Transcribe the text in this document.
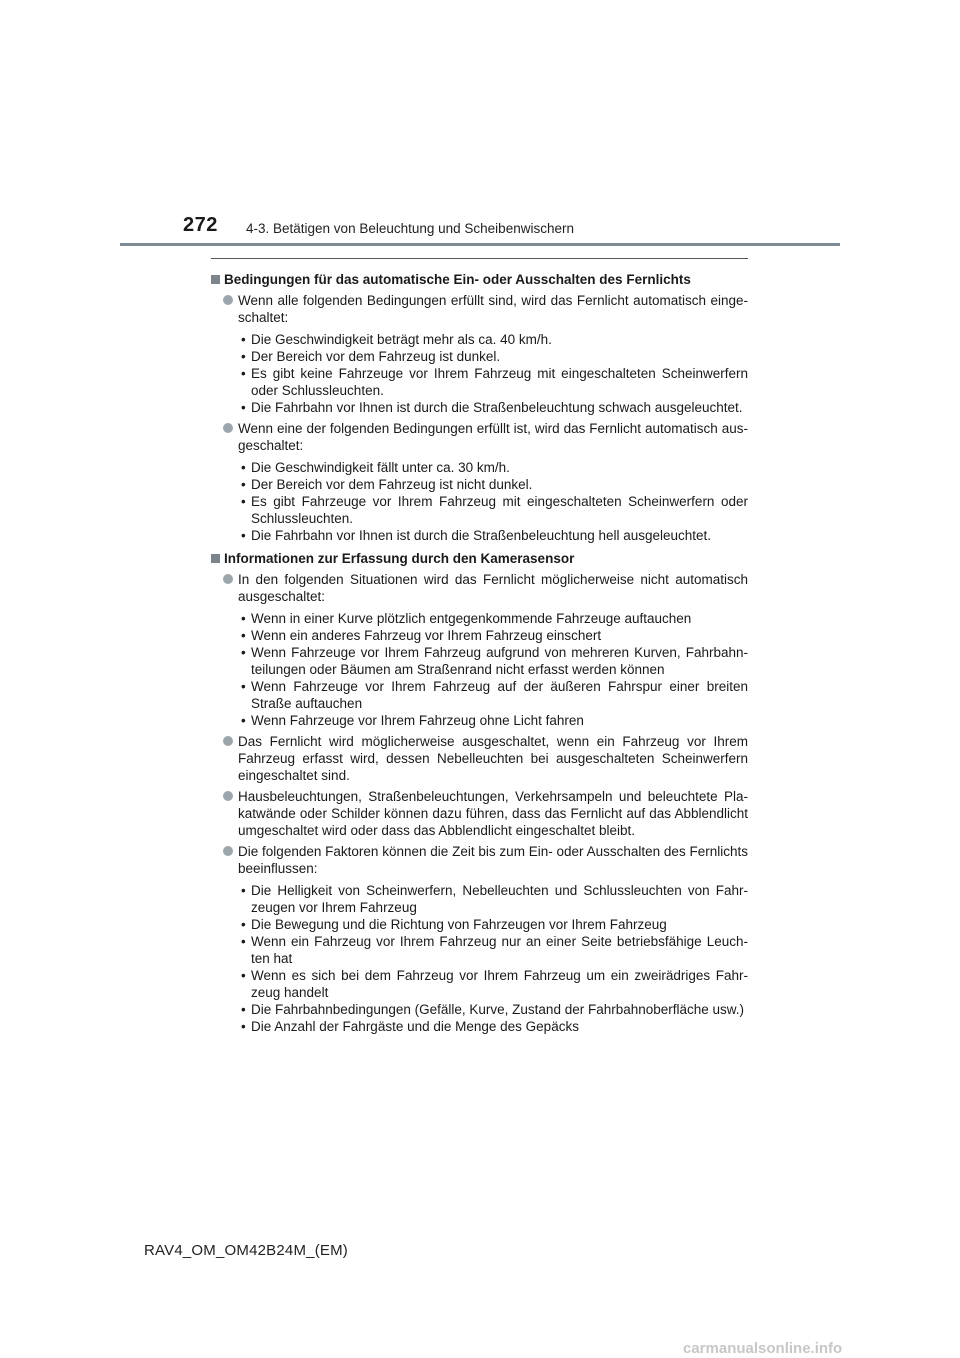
272 4-3. Betätigen von Beleuchtung und Scheibenwischern
Bedingungen für das automatische Ein- oder Ausschalten des Fernlichts
Wenn alle folgenden Bedingungen erfüllt sind, wird das Fernlicht automatisch eingeschaltet:
• Die Geschwindigkeit beträgt mehr als ca. 40 km/h.
• Der Bereich vor dem Fahrzeug ist dunkel.
• Es gibt keine Fahrzeuge vor Ihrem Fahrzeug mit eingeschalteten Scheinwerfern oder Schlussleuchten.
• Die Fahrbahn vor Ihnen ist durch die Straßenbeleuchtung schwach ausgeleuchtet.
Wenn eine der folgenden Bedingungen erfüllt ist, wird das Fernlicht automatisch ausgeschaltet:
• Die Geschwindigkeit fällt unter ca. 30 km/h.
• Der Bereich vor dem Fahrzeug ist nicht dunkel.
• Es gibt Fahrzeuge vor Ihrem Fahrzeug mit eingeschalteten Scheinwerfern oder Schlussleuchten.
• Die Fahrbahn vor Ihnen ist durch die Straßenbeleuchtung hell ausgeleuchtet.
Informationen zur Erfassung durch den Kamerasensor
In den folgenden Situationen wird das Fernlicht möglicherweise nicht automatisch ausgeschaltet:
• Wenn in einer Kurve plötzlich entgegenkommende Fahrzeuge auftauchen
• Wenn ein anderes Fahrzeug vor Ihrem Fahrzeug einschert
• Wenn Fahrzeuge vor Ihrem Fahrzeug aufgrund von mehreren Kurven, Fahrbahnteilungen oder Bäumen am Straßenrand nicht erfasst werden können
• Wenn Fahrzeuge vor Ihrem Fahrzeug auf der äußeren Fahrspur einer breiten Straße auftauchen
• Wenn Fahrzeuge vor Ihrem Fahrzeug ohne Licht fahren
Das Fernlicht wird möglicherweise ausgeschaltet, wenn ein Fahrzeug vor Ihrem Fahrzeug erfasst wird, dessen Nebelleuchten bei ausgeschalteten Scheinwerfern eingeschaltet sind.
Hausbeleuchtungen, Straßenbeleuchtungen, Verkehrsampeln und beleuchtete Plakatwände oder Schilder können dazu führen, dass das Fernlicht auf das Abblendlicht umgeschaltet wird oder dass das Abblendlicht eingeschaltet bleibt.
Die folgenden Faktoren können die Zeit bis zum Ein- oder Ausschalten des Fernlichts beeinflussen:
• Die Helligkeit von Scheinwerfern, Nebelleuchten und Schlussleuchten von Fahrzeugen vor Ihrem Fahrzeug
• Die Bewegung und die Richtung von Fahrzeugen vor Ihrem Fahrzeug
• Wenn ein Fahrzeug vor Ihrem Fahrzeug nur an einer Seite betriebsfähige Leuchten hat
• Wenn es sich bei dem Fahrzeug vor Ihrem Fahrzeug um ein zweirädriges Fahrzeug handelt
• Die Fahrbahnbedingungen (Gefälle, Kurve, Zustand der Fahrbahnoberfläche usw.)
• Die Anzahl der Fahrgäste und die Menge des Gepäcks
RAV4_OM_OM42B24M_(EM)
carmanualsonline.info
